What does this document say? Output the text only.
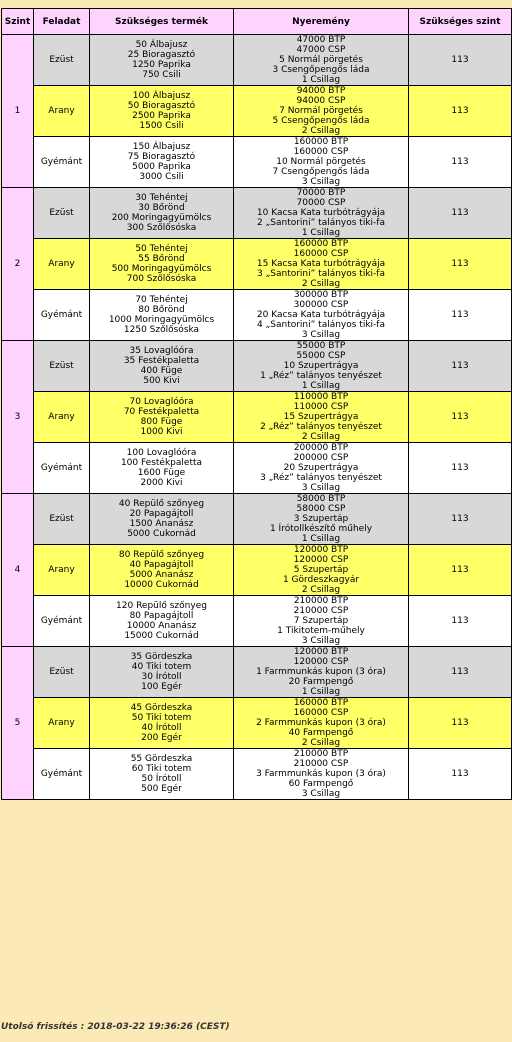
Szint	Feladat	Szükséges termék	Nyeremény	Szükséges szint
1	Ezüst	50 Álbajusz
25 Bioragasztó
1250 Paprika
750 Csili	47000 BTP
47000 CSP
5 Normál pörgetés
3 Csengőpengős láda
1 Csillag	113
	Arany	100 Álbajusz
50 Bioragasztó
2500 Paprika
1500 Csili	94000 BTP
94000 CSP
7 Normál pörgetés
5 Csengőpengős láda
2 Csillag	113
	Gyémánt	150 Álbajusz
75 Bioragasztó
5000 Paprika
3000 Csili	160000 BTP
160000 CSP
10 Normál pörgetés
7 Csengőpengős láda
3 Csillag	113
2	Ezüst	30 Tehéntej
30 Bőrönd
200 Moringagyümölcs
300 Szőlősóska	70000 BTP
70000 CSP
10 Kacsa Kata turbótrágyája
2 „Santorini” talányos tiki-fa
1 Csillag	113
	Arany	50 Tehéntej
55 Bőrönd
500 Moringagyümölcs
700 Szőlősóska	160000 BTP
160000 CSP
15 Kacsa Kata turbótrágyája
3 „Santorini” talányos tiki-fa
2 Csillag	113
	Gyémánt	70 Tehéntej
80 Bőrönd
1000 Moringagyümölcs
1250 Szőlősóska	300000 BTP
300000 CSP
20 Kacsa Kata turbótrágyája
4 „Santorini” talányos tiki-fa
3 Csillag	113
3	Ezüst	35 Lovaglóóra
35 Festékpaletta
400 Füge
500 Kivi	55000 BTP
55000 CSP
10 Szupertrágya
1 „Réz” talányos tenyészet
1 Csillag	113
	Arany	70 Lovaglóóra
70 Festékpaletta
800 Füge
1000 Kivi	110000 BTP
110000 CSP
15 Szupertrágya
2 „Réz” talányos tenyészet
2 Csillag	113
	Gyémánt	100 Lovaglóóra
100 Festékpaletta
1600 Füge
2000 Kivi	200000 BTP
200000 CSP
20 Szupertrágya
3 „Réz” talányos tenyészet
3 Csillag	113
4	Ezüst	40 Repülő szőnyeg
20 Papagájtoll
1500 Ananász
5000 Cukornád	58000 BTP
58000 CSP
3 Szupertáp
1 Írótollkészítő műhely
1 Csillag	113
	Arany	80 Repülő szőnyeg
40 Papagájtoll
5000 Ananász
10000 Cukornád	120000 BTP
120000 CSP
5 Szupertáp
1 Gördeszkagyár
2 Csillag	113
	Gyémánt	120 Repülő szőnyeg
80 Papagájtoll
10000 Ananász
15000 Cukornád	210000 BTP
210000 CSP
7 Szupertáp
1 Tikitotem-műhely
3 Csillag	113
5	Ezüst	35 Gördeszka
40 Tiki totem
30 Írótoll
100 Egér	120000 BTP
120000 CSP
1 Farmmunkás kupon (3 óra)
20 Farmpengő
1 Csillag	113
	Arany	45 Gördeszka
50 Tiki totem
40 Írótoll
200 Egér	160000 BTP
160000 CSP
2 Farmmunkás kupon (3 óra)
40 Farmpengő
2 Csillag	113
	Gyémánt	55 Gördeszka
60 Tiki totem
50 Írótoll
500 Egér	210000 BTP
210000 CSP
3 Farmmunkás kupon (3 óra)
60 Farmpengő
3 Csillag	113
Utolsó frissítés : 2018-03-22 19:36:26 (CEST)
